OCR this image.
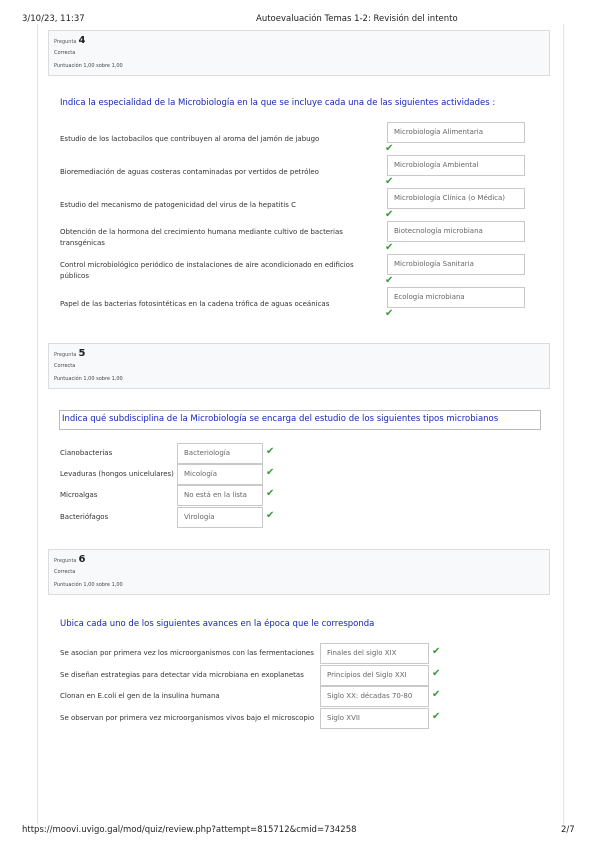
3/10/23, 11:37	Autoevaluación Temas 1-2: Revisión del intento
Pregunta 4
Correcta
Puntuación 1,00 sobre 1,00
Indica la especialidad de la Microbiología en la que se incluye cada una de las siguientes actividades :
Estudio de los lactobacilos que contribuyen al aroma del jamón de jabugo
Microbiología Alimentaria
✔
Bioremediación de aguas costeras contaminadas por vertidos de petróleo
Microbiología Ambiental
✔
Estudio del mecanismo de patogenicidad del virus de la hepatitis C
Microbiología Clínica (o Médica)
✔
Obtención de la hormona del crecimiento humana mediante cultivo de bacterias transgénicas
Biotecnología microbiana
✔
Control microbiológico periódico de instalaciones de aire acondicionado en edificios públicos
Microbiología Sanitaria
✔
Papel de las bacterias fotosintéticas en la cadena trófica de aguas oceánicas
Ecología microbiana
✔
Pregunta 5
Correcta
Puntuación 1,00 sobre 1,00
Indica qué subdisciplina de la Microbiología se encarga del estudio de los siguientes tipos microbianos
Cianobacterias	Bacteriología	✔
Levaduras (hongos unicelulares)	Micología	✔
Microalgas	No está en la lista	✔
Bacteriófagos	Virología	✔
Pregunta 6
Correcta
Puntuación 1,00 sobre 1,00
Ubica cada uno de los siguientes avances en la época que le corresponda
Se asocian por primera vez los microorganismos con las fermentaciones	Finales del siglo XIX	✔
Se diseñan estrategias para detectar vida microbiana en exoplanetas	Principios del Siglo XXI	✔
Clonan en E.coli el gen de la insulina humana	Siglo XX: décadas 70-80	✔
Se observan por primera vez microorganismos vivos bajo el microscopio	Siglo XVII	✔
https://moovi.uvigo.gal/mod/quiz/review.php?attempt=815712&cmid=734258	2/7
